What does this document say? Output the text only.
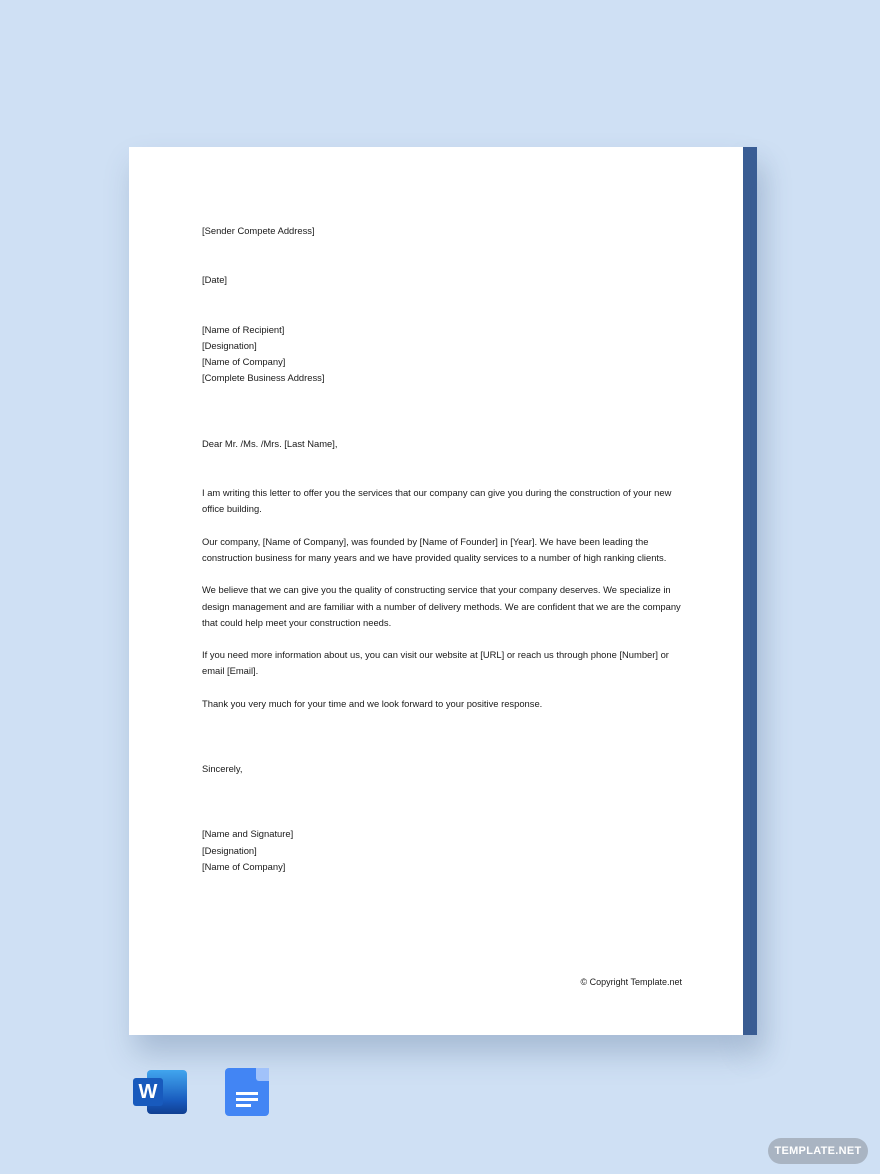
[Sender Compete Address]

[Date]

[Name of Recipient]

[Designation]

[Name of Company]

[Complete Business Address]

Dear Mr. /Ms. /Mrs. [Last Name],

I am writing this letter to offer you the services that our company can give you during the construction of your new office building.

Our company, [Name of Company], was founded by [Name of Founder] in [Year]. We have been leading the construction business for many years and we have provided quality services to a number of high ranking clients.

We believe that we can give you the quality of constructing service that your company deserves. We specialize in design management and are familiar with a number of delivery methods. We are confident that we are the company that could help meet your construction needs.

If you need more information about us, you can visit our website at [URL] or reach us through phone [Number] or email [Email].

Thank you very much for your time and we look forward to your positive response.

Sincerely,

[Name and Signature]

[Designation]

[Name of Company]

© Copyright Template.net
W
TEMPLATE.NET
